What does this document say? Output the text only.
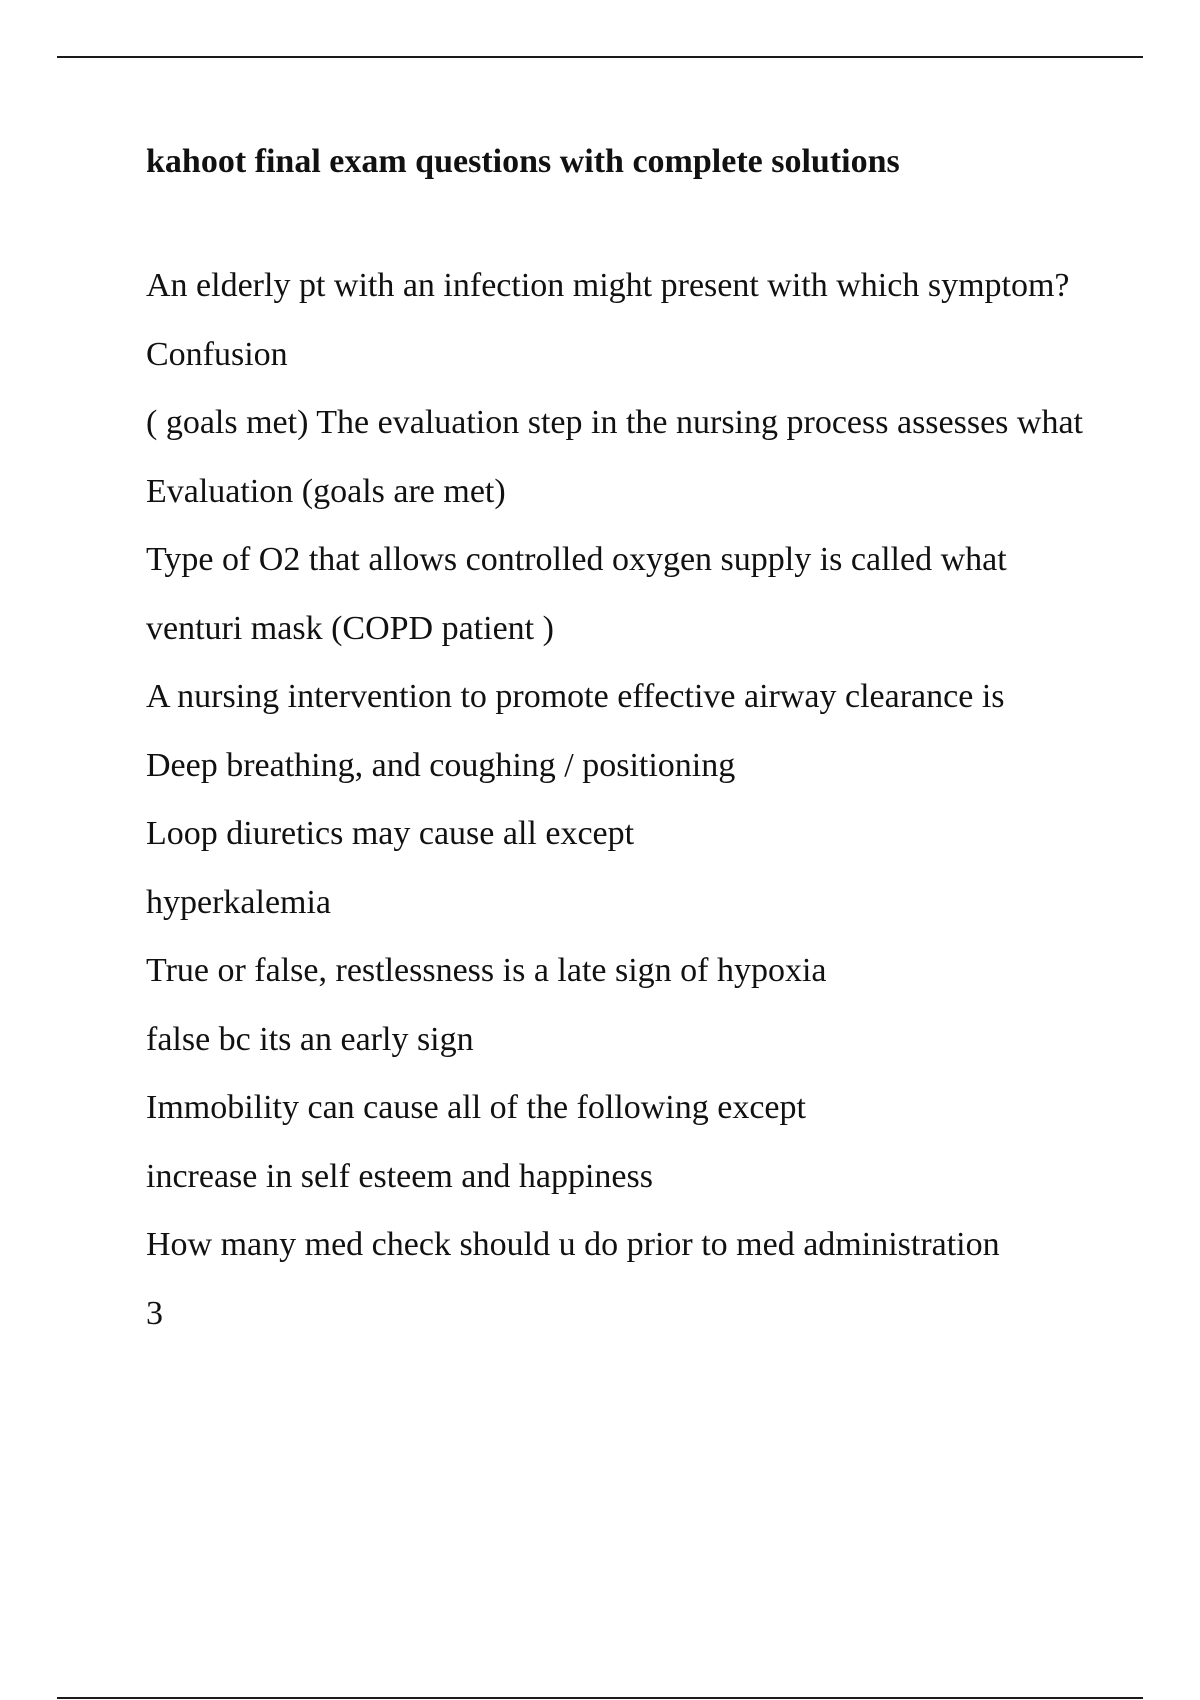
kahoot final exam questions with complete solutions

An elderly pt with an infection might present with which symptom?

Confusion

( goals met) The evaluation step in the nursing process assesses what

Evaluation (goals are met)

Type of O2 that allows controlled oxygen supply is called what

venturi mask (COPD patient )

A nursing intervention to promote effective airway clearance is

Deep breathing, and coughing / positioning

Loop diuretics may cause all except

hyperkalemia

True or false, restlessness is a late sign of hypoxia

false bc its an early sign

Immobility can cause all of the following except

increase in self esteem and happiness

How many med check should u do prior to med administration

3
